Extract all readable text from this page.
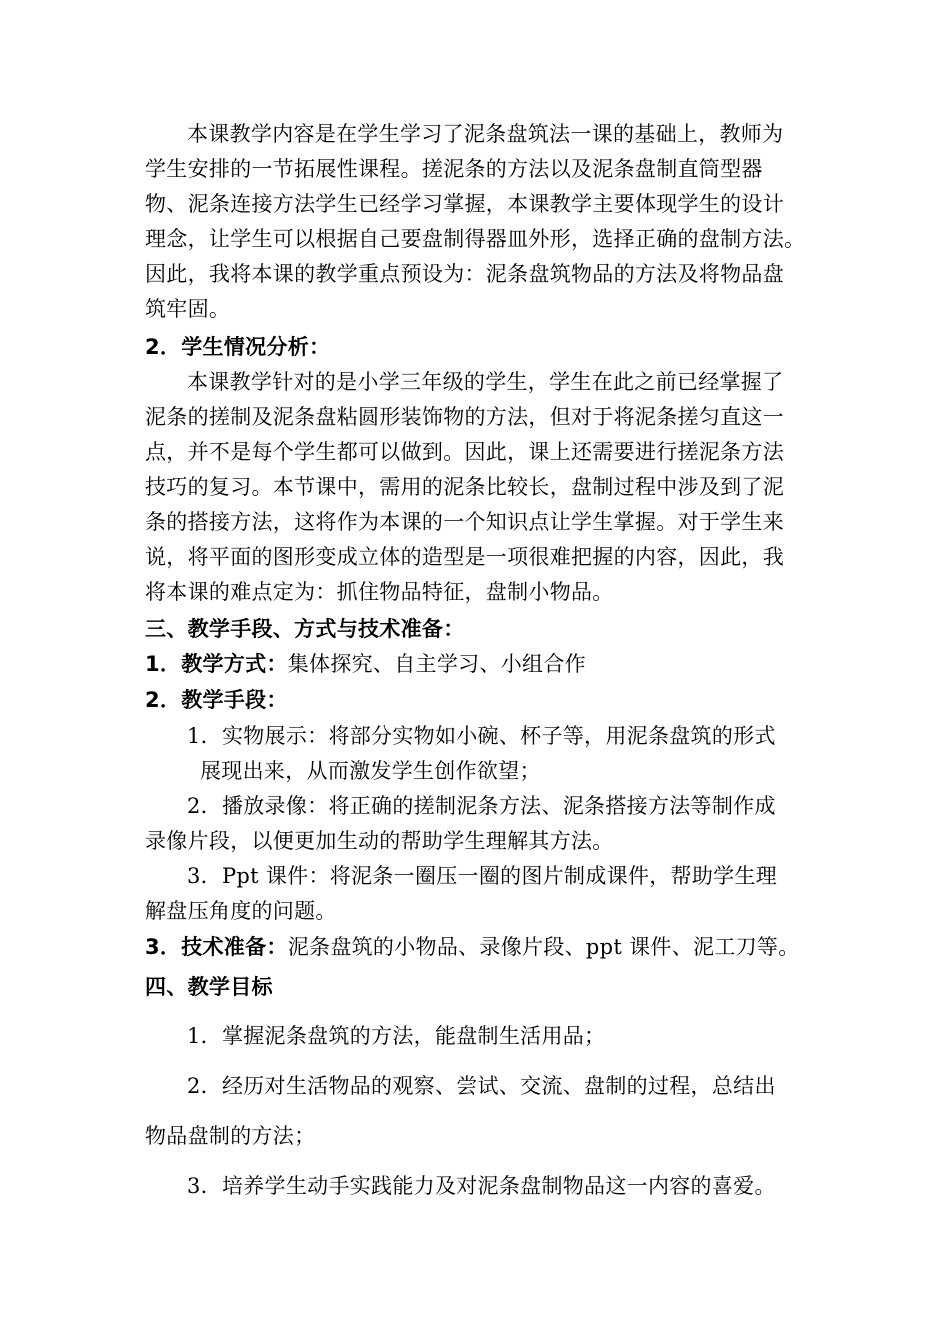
本课教学内容是在学生学习了泥条盘筑法一课的基础上，教师为
学生安排的一节拓展性课程。搓泥条的方法以及泥条盘制直筒型器
物、泥条连接方法学生已经学习掌握，本课教学主要体现学生的设计
理念，让学生可以根据自己要盘制得器皿外形，选择正确的盘制方法。
因此，我将本课的教学重点预设为：泥条盘筑物品的方法及将物品盘
筑牢固。
2．学生情况分析：
本课教学针对的是小学三年级的学生，学生在此之前已经掌握了
泥条的搓制及泥条盘粘圆形装饰物的方法，但对于将泥条搓匀直这一
点，并不是每个学生都可以做到。因此，课上还需要进行搓泥条方法
技巧的复习。本节课中，需用的泥条比较长，盘制过程中涉及到了泥
条的搭接方法，这将作为本课的一个知识点让学生掌握。对于学生来
说，将平面的图形变成立体的造型是一项很难把握的内容，因此，我
将本课的难点定为：抓住物品特征，盘制小物品。
三、教学手段、方式与技术准备：
1．教学方式：集体探究、自主学习、小组合作
2．教学手段：
1．实物展示：将部分实物如小碗、杯子等，用泥条盘筑的形式
展现出来，从而激发学生创作欲望；
2．播放录像：将正确的搓制泥条方法、泥条搭接方法等制作成
录像片段，以便更加生动的帮助学生理解其方法。
3．Ppt 课件：将泥条一圈压一圈的图片制成课件，帮助学生理
解盘压角度的问题。
3．技术准备：泥条盘筑的小物品、录像片段、ppt 课件、泥工刀等。
四、教学目标
1．掌握泥条盘筑的方法，能盘制生活用品；
2．经历对生活物品的观察、尝试、交流、盘制的过程，总结出
物品盘制的方法；
3．培养学生动手实践能力及对泥条盘制物品这一内容的喜爱。
